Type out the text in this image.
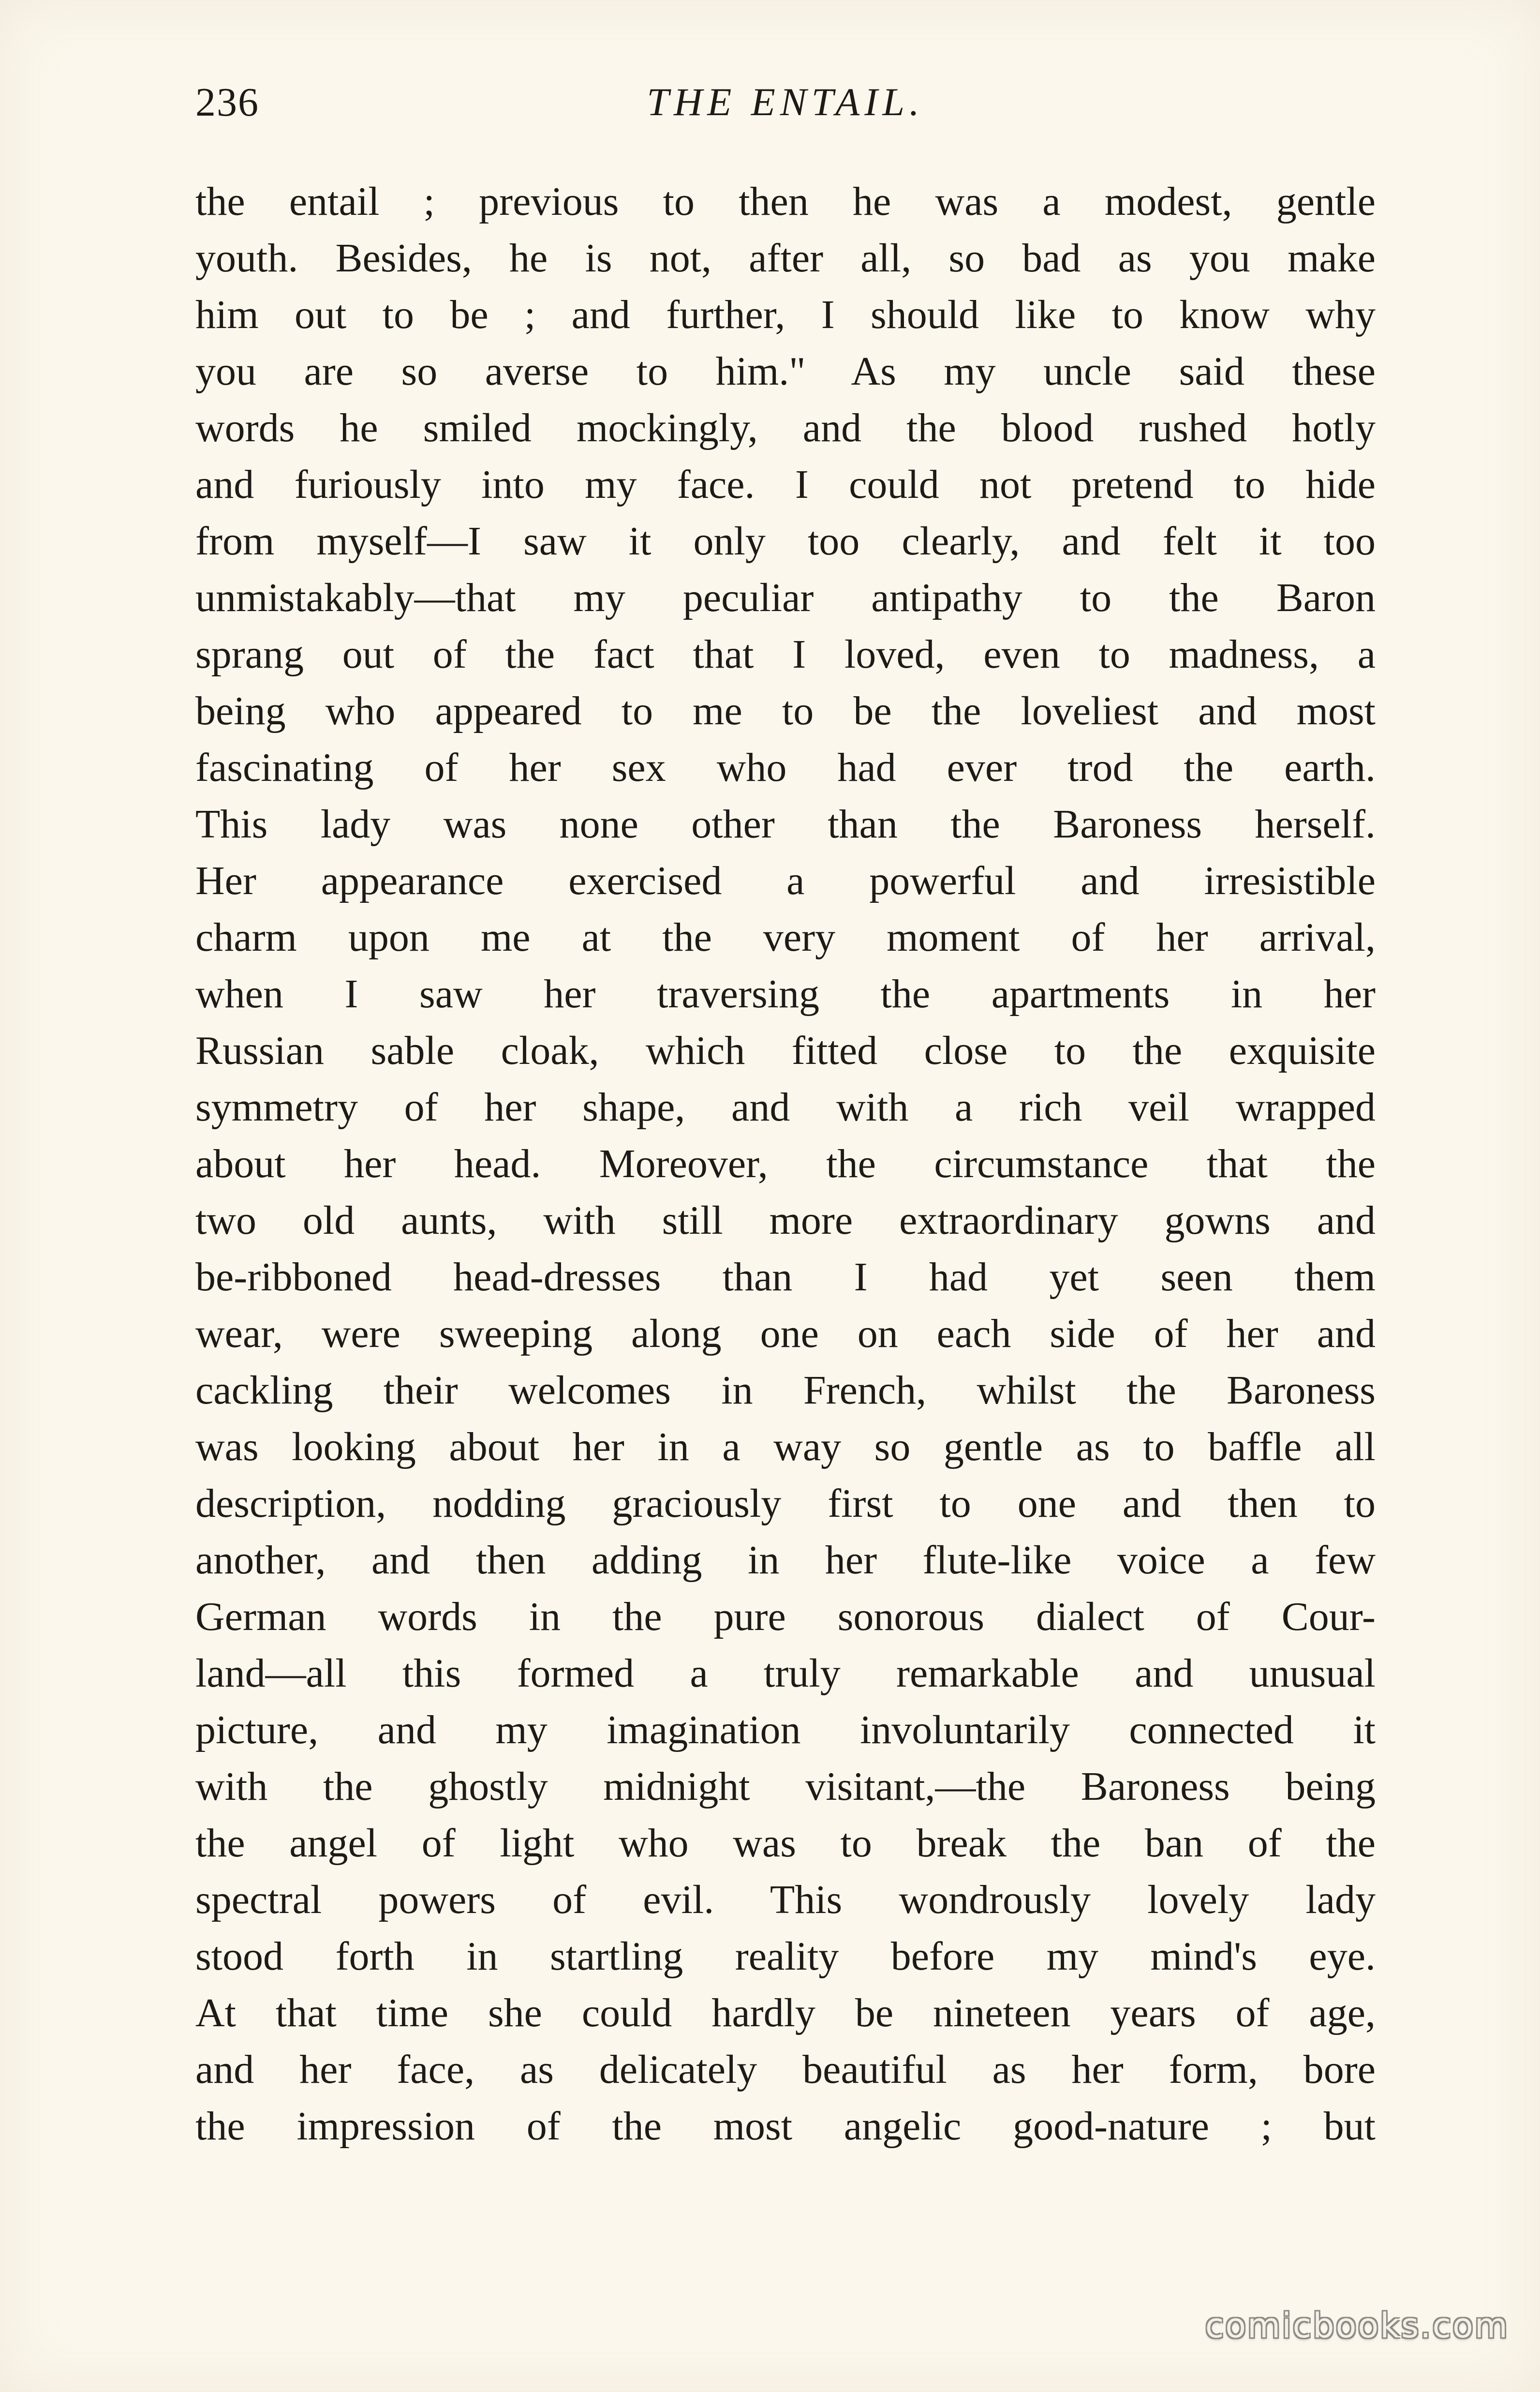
236	THE ENTAIL.
the entail ; previous to then he was a modest, gentle
youth. Besides, he is not, after all, so bad as you make
him out to be ; and further, I should like to know why
you are so averse to him." As my uncle said these
words he smiled mockingly, and the blood rushed hotly
and furiously into my face. I could not pretend to hide
from myself—I saw it only too clearly, and felt it too
unmistakably—that my peculiar antipathy to the Baron
sprang out of the fact that I loved, even to madness, a
being who appeared to me to be the loveliest and most
fascinating of her sex who had ever trod the earth.
This lady was none other than the Baroness herself.
Her appearance exercised a powerful and irresistible
charm upon me at the very moment of her arrival,
when I saw her traversing the apartments in her
Russian sable cloak, which fitted close to the exquisite
symmetry of her shape, and with a rich veil wrapped
about her head. Moreover, the circumstance that the
two old aunts, with still more extraordinary gowns and
be-ribboned head-dresses than I had yet seen them
wear, were sweeping along one on each side of her and
cackling their welcomes in French, whilst the Baroness
was looking about her in a way so gentle as to baffle all
description, nodding graciously first to one and then to
another, and then adding in her flute-like voice a few
German words in the pure sonorous dialect of Cour-
land—all this formed a truly remarkable and unusual
picture, and my imagination involuntarily connected it
with the ghostly midnight visitant,—the Baroness being
the angel of light who was to break the ban of the
spectral powers of evil. This wondrously lovely lady
stood forth in startling reality before my mind's eye.
At that time she could hardly be nineteen years of age,
and her face, as delicately beautiful as her form, bore
the impression of the most angelic good-nature ; but
comicbooks.com
